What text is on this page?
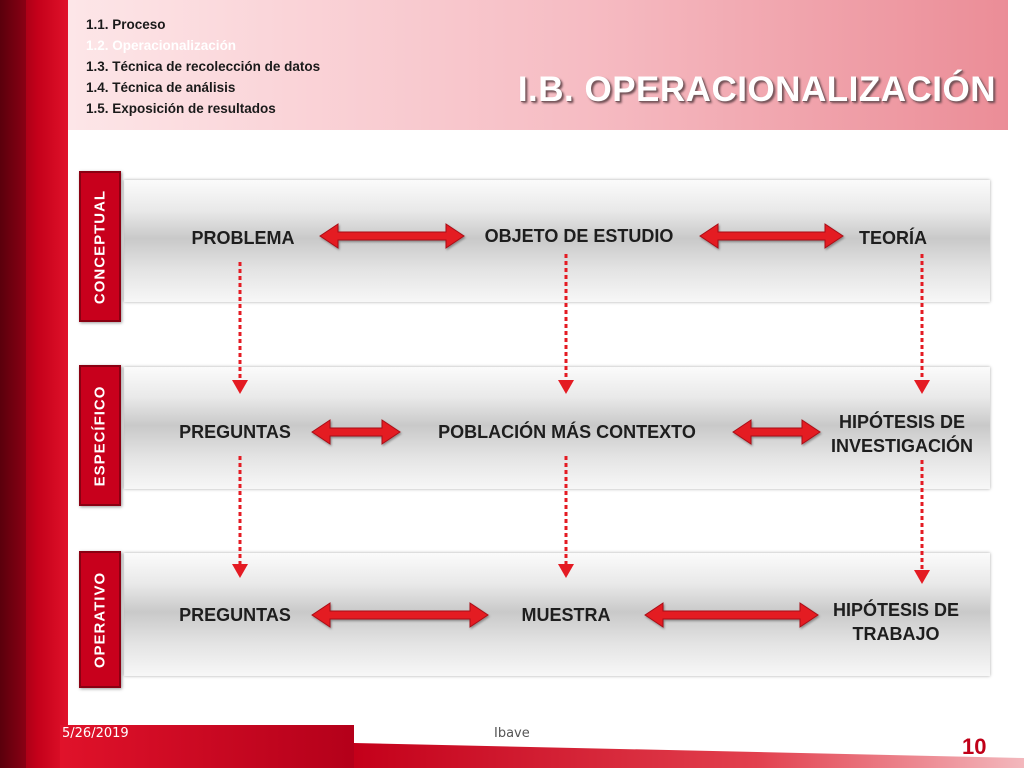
1.1. Proceso
1.2. Operacionalización
1.3. Técnica de recolección de datos
1.4. Técnica de análisis
1.5. Exposición de resultados	I.B. OPERACIONALIZACIÓN
CONCEPTUAL
ESPECÍFICO
OPERATIVO
PROBLEMA	OBJETO DE ESTUDIO	TEORÍA
PREGUNTAS	POBLACIÓN MÁS CONTEXTO	HIPÓTESIS DE
INVESTIGACIÓN
PREGUNTAS	MUESTRA	HIPÓTESIS DE
TRABAJO
5/26/2019	Ibave
10
